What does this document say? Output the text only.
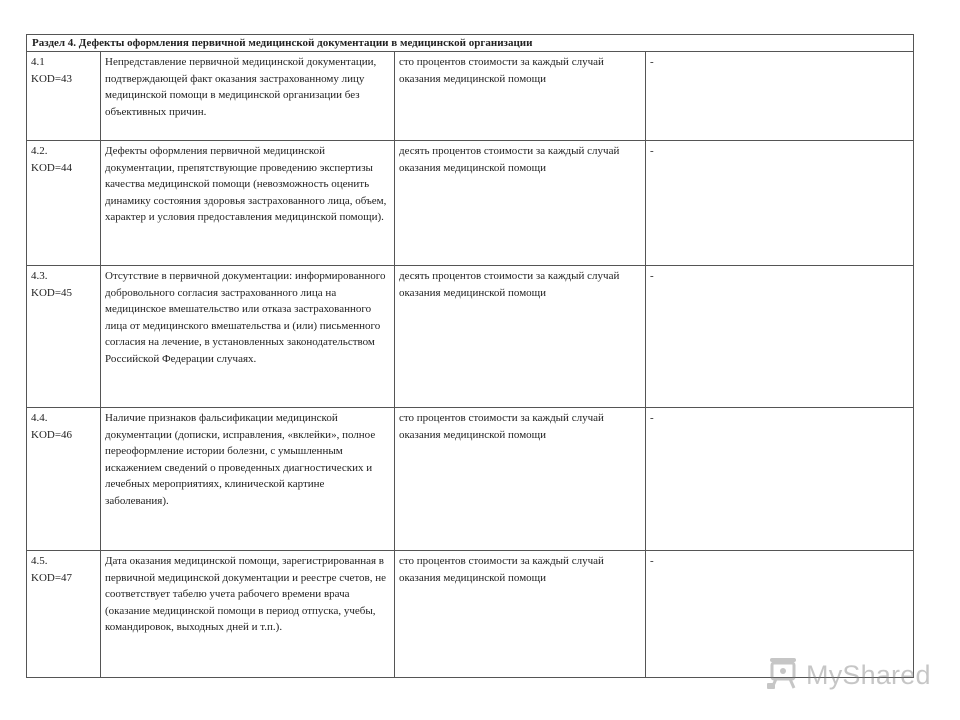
Раздел 4. Дефекты оформления первичной медицинской документации в медицинской организации			

4.1
KOD=43	Непредставление первичной медицинской документации, подтверждающей факт оказания застрахованному лицу медицинской помощи в медицинской организации без объективных причин.	сто процентов стоимости за каждый случай оказания медицинской помощи	-

4.2.
KOD=44	Дефекты оформления первичной медицинской документации, препятствующие проведению экспертизы качества медицинской помощи (невозможность оценить динамику состояния здоровья застрахованного лица, объем, характер и условия предоставления медицинской помощи).	десять процентов стоимости за каждый случай оказания медицинской помощи	-

4.3.
KOD=45	Отсутствие в первичной документации: информированного добровольного согласия застрахованного лица на медицинское вмешательство или отказа застрахованного лица от медицинского вмешательства и (или) письменного согласия на лечение, в установленных законодательством Российской Федерации случаях.	десять процентов стоимости за каждый случай оказания медицинской помощи	-

4.4.
KOD=46	Наличие признаков фальсификации медицинской документации (дописки, исправления, «вклейки», полное переоформление истории болезни, с умышленным искажением сведений о проведенных диагностических и лечебных мероприятиях, клинической картине заболевания).	сто процентов стоимости за каждый случай оказания медицинской помощи	-

4.5.
KOD=47	Дата оказания медицинской помощи, зарегистрированная в первичной медицинской документации и реестре счетов, не соответствует табелю учета рабочего времени врача (оказание медицинской помощи в период отпуска, учебы, командировок, выходных дней и т.п.).	сто процентов стоимости за каждый случай оказания медицинской помощи	-
MyShared
